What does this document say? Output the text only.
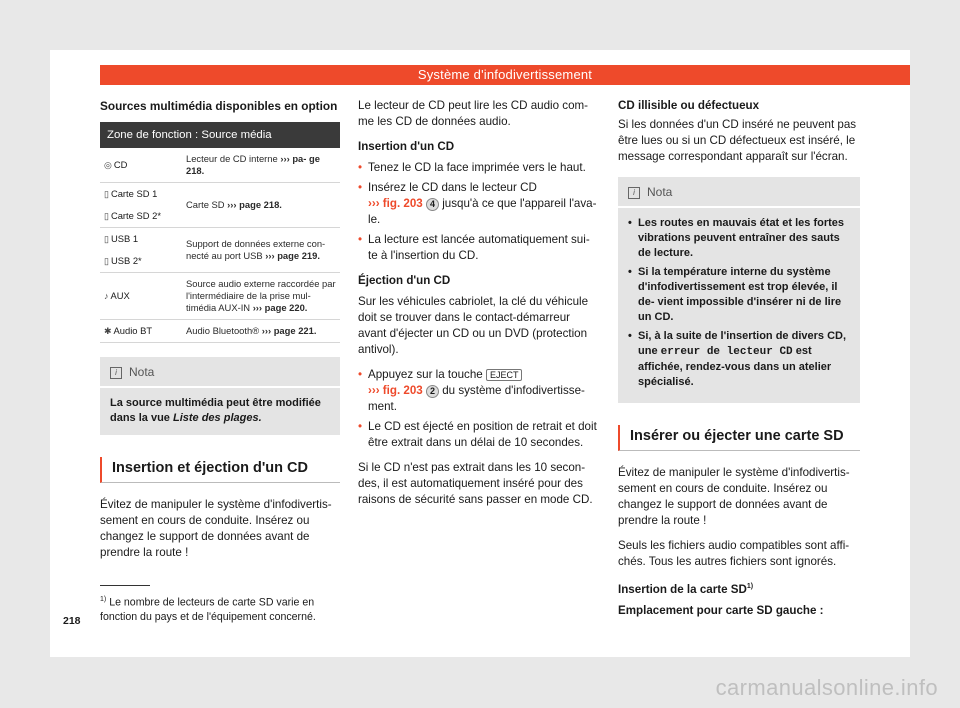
Système d'infodivertissement
Sources multimédia disponibles en option
Zone de fonction : Source média	
◎ CD	Lecteur de CD interne ››› pa- ge 218.
▯ Carte SD 1	Carte SD ››› page 218.
▯ Carte SD 2*	
▯ USB 1	Support de données externe con- necté au port USB ››› page 219.
▯ USB 2*	
♪ AUX	Source audio externe raccordée par l'intermédiaire de la prise mul- timédia AUX-IN ››› page 220.
✱ Audio BT	Audio Bluetooth® ››› page 221.
i Nota
La source multimédia peut être modifiée dans la vue Liste des plages.
Insertion et éjection d'un CD

Évitez de manipuler le système d'infodivertis- sement en cours de conduite. Insérez ou changez le support de données avant de prendre la route !

Le lecteur de CD peut lire les CD audio com- me les CD de données audio.

Insertion d'un CD

• Tenez le CD la face imprimée vers le haut.
• Insérez le CD dans le lecteur CD
››› fig. 203 4 jusqu'à ce que l'appareil l'ava- le.
• La lecture est lancée automatiquement sui- te à l'insertion du CD.

Éjection d'un CD

Sur les véhicules cabriolet, la clé du véhicule doit se trouver dans le contact-démarreur avant d'éjecter un CD ou un DVD (protection antivol).

• Appuyez sur la touche EJECT
››› fig. 203 2 du système d'infodivertisse- ment.
• Le CD est éjecté en position de retrait et doit être extrait dans un délai de 10 secondes.

Si le CD n'est pas extrait dans les 10 secon- des, il est automatiquement inséré pour des raisons de sécurité sans passer en mode CD.

CD illisible ou défectueux

Si les données d'un CD inséré ne peuvent pas être lues ou si un CD défectueux est inséré, le message correspondant apparaît sur l'écran.

i Nota
• Les routes en mauvais état et les fortes vibrations peuvent entraîner des sauts de lecture.
• Si la température interne du système d'infodivertissement est trop élevée, il de- vient impossible d'insérer ni de lire un CD.
• Si, à la suite de l'insertion de divers CD, une erreur de lecteur CD est affichée, rendez-vous dans un atelier spécialisé.
Insérer ou éjecter une carte SD

Évitez de manipuler le système d'infodivertis- sement en cours de conduite. Insérez ou changez le support de données avant de prendre la route !

Seuls les fichiers audio compatibles sont affi- chés. Tous les autres fichiers sont ignorés.

Insertion de la carte SD$^{1)}$

Emplacement pour carte SD gauche :

$^{1)}$ Le nombre de lecteurs de carte SD varie en fonction du pays et de l'équipement concerné.
218
carmanualsonline.info
